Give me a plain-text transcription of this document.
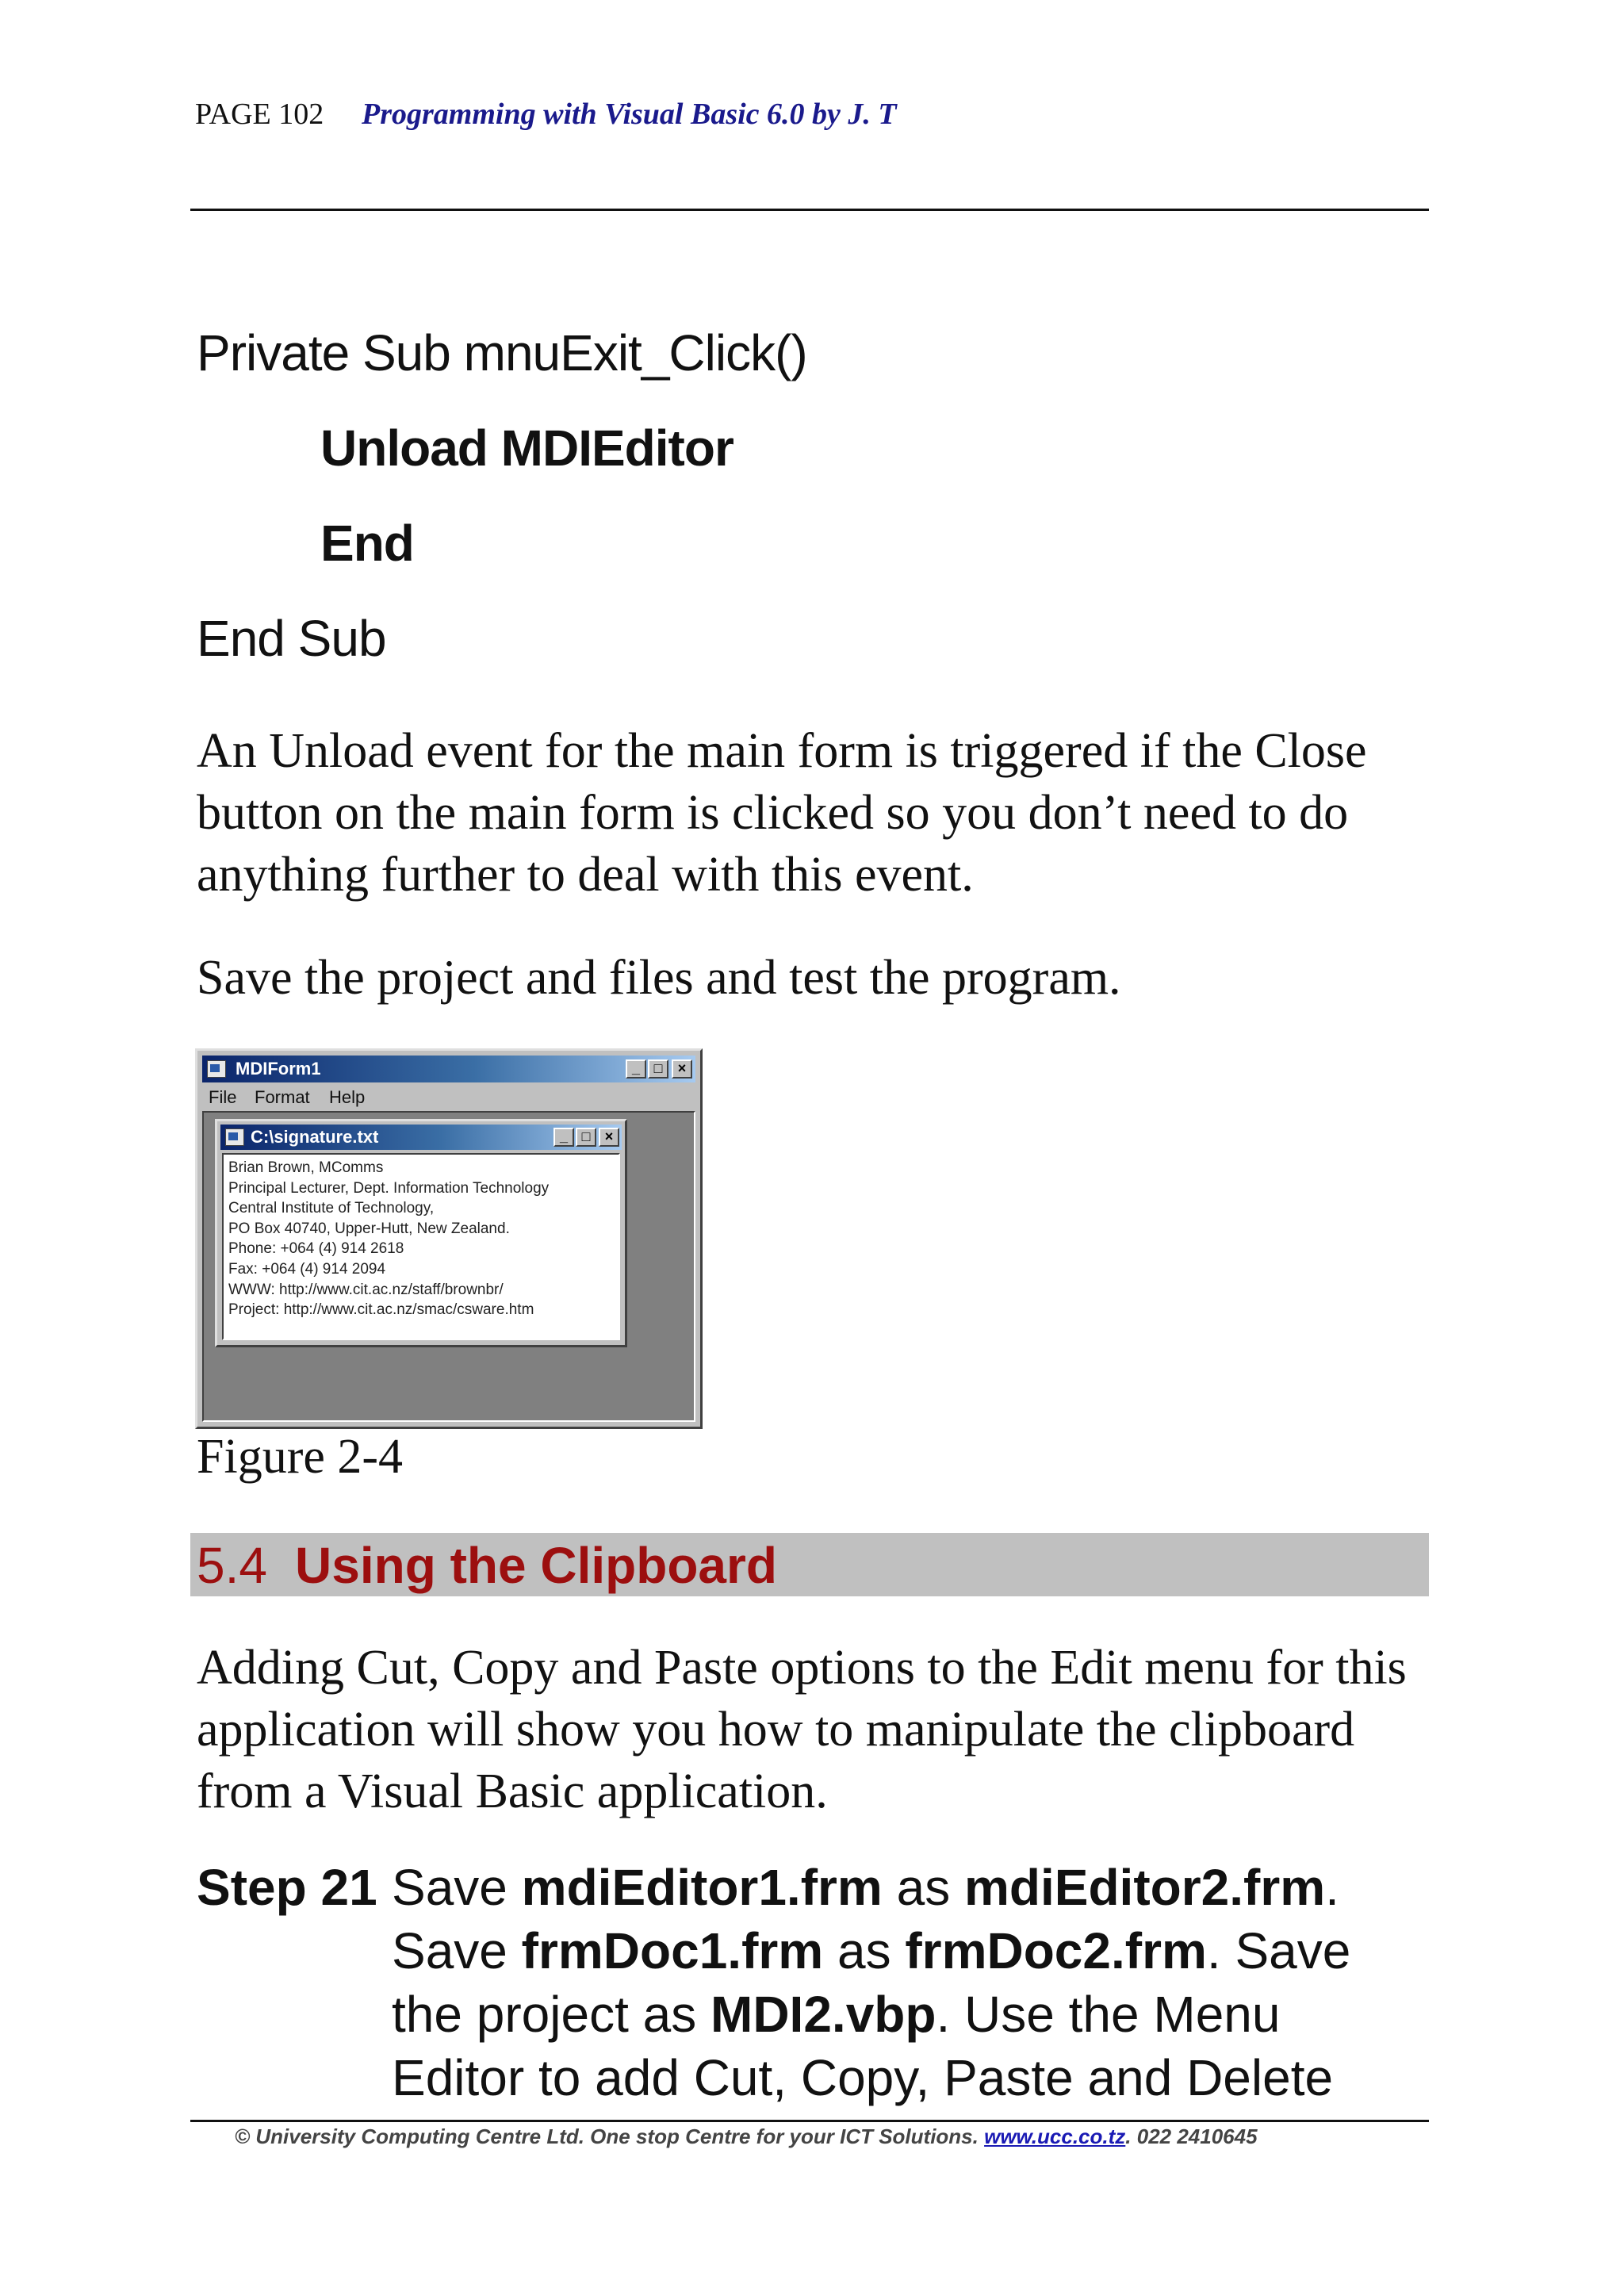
PAGE 102 Programming with Visual Basic 6.0 by J. T
Private Sub mnuExit_Click()
Unload MDIEditor
End
End Sub
An Unload event for the main form is triggered if the Close button on the main form is clicked so you don’t need to do anything further to deal with this event.
Save the project and files and test the program.
MDIForm1	_ □	×
File Format Help
C:\signature.txt	_ □	×
Brian Brown, MComms
Principal Lecturer, Dept. Information Technology
Central Institute of Technology,
PO Box 40740, Upper-Hutt, New Zealand.
Phone: +064 (4) 914 2618
Fax: +064 (4) 914 2094
WWW: http://www.cit.ac.nz/staff/brownbr/
Project: http://www.cit.ac.nz/smac/csware.htm
Figure 2-4
5.4 Using the Clipboard
Adding Cut, Copy and Paste options to the Edit menu for this application will show you how to manipulate the clipboard from a Visual Basic application.
Step 21 Save mdiEditor1.frm as mdiEditor2.frm.
Save frmDoc1.frm as frmDoc2.frm. Save
the project as MDI2.vbp. Use the Menu
Editor to add Cut, Copy, Paste and Delete
© University Computing Centre Ltd. One stop Centre for your ICT Solutions. www.ucc.co.tz. 022 2410645
